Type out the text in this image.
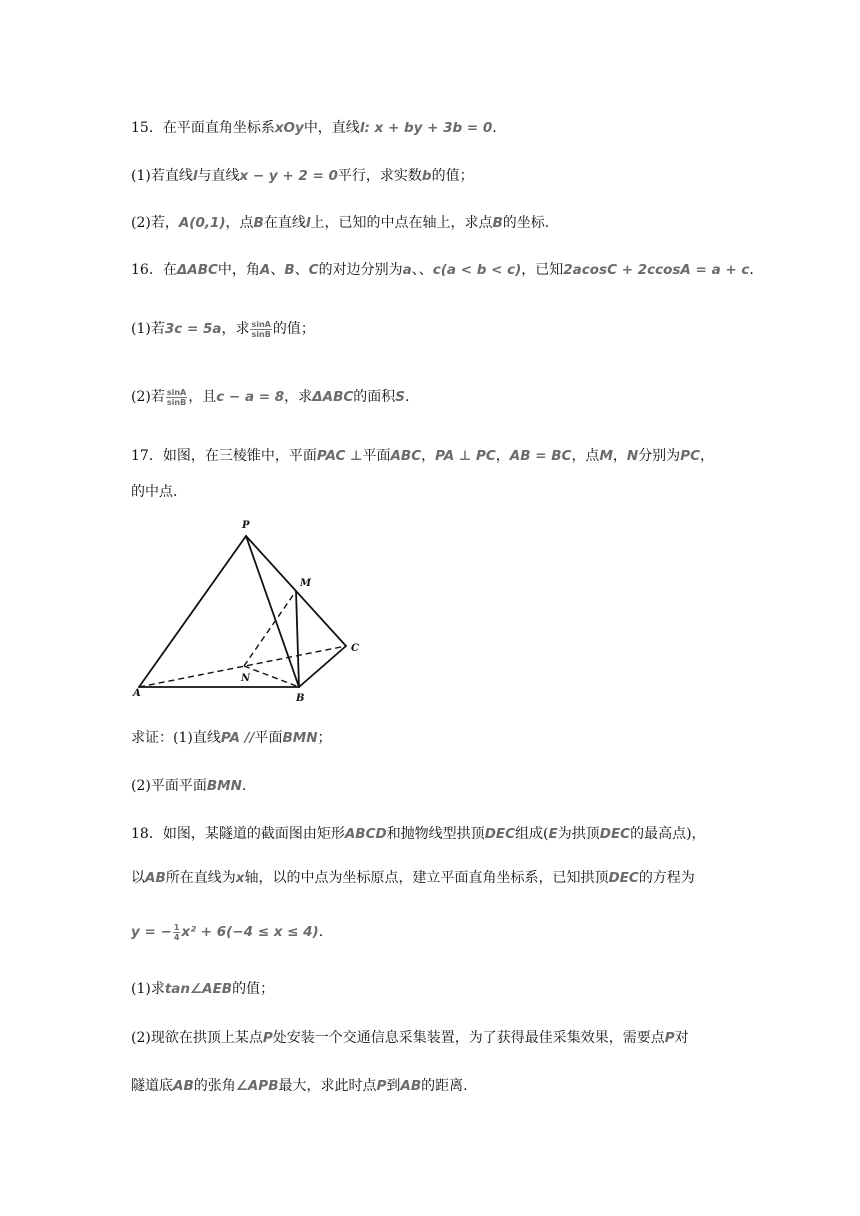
15．在平面直角坐标系xOy中，直线l: x + by + 3b = 0.
(1)若直线l与直线x − y + 2 = 0平行，求实数b的值；
(2)若，A(0,1)，点B在直线l上，已知的中点在轴上，求点B的坐标.
16．在ΔABC中，角A、B、C的对边分别为a、、c(a < b < c)，已知2acosC + 2ccosA = a + c.
(1)若3c = 5a，求 $\frac{\sin A}{\sin B}$ 的值；
(2)若 $\frac{\sin A}{\sin B}$ ，且c − a = 8，求ΔABC的面积S.
17．如图，在三棱锥中，平面PAC ⊥平面ABC，PA ⊥ PC，AB = BC，点M，N分别为PC，
的中点.
P
M
C
N
A	B
求证：(1)直线PA //平面BMN；
(2)平面平面BMN.
18．如图，某隧道的截面图由矩形ABCD和抛物线型拱顶DEC组成(E为拱顶DEC的最高点)，
以AB所在直线为x轴，以的中点为坐标原点，建立平面直角坐标系，已知拱顶DEC的方程为
y = − $\frac{1}{4} x^2 + 6(-4 \le x \le 4)$.
(1)求tan∠AEB的值；
(2)现欲在拱顶上某点P处安装一个交通信息采集装置，为了获得最佳采集效果，需要点P对
隧道底AB的张角∠APB最大，求此时点P到AB的距离.
